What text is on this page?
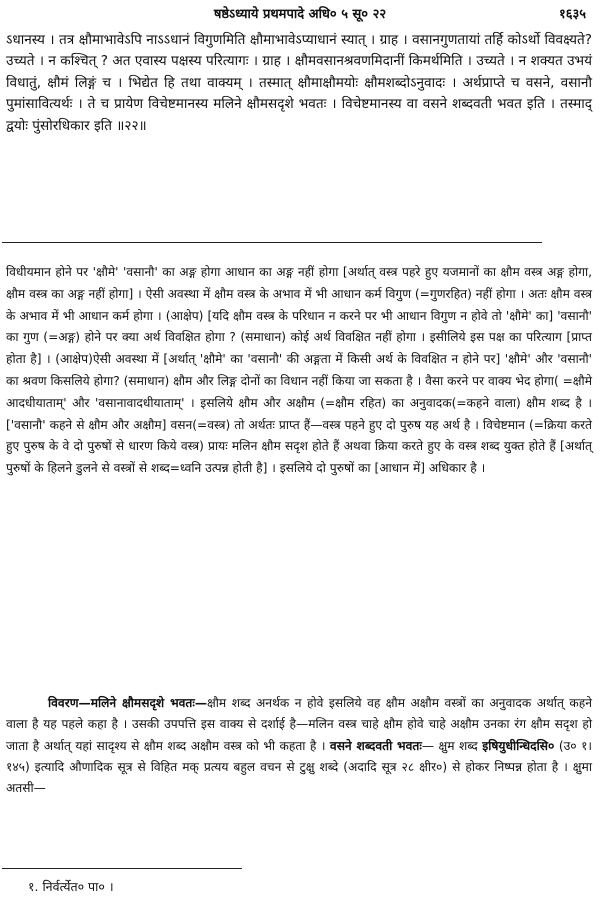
षष्ठेऽध्याये प्रथमपादे अधि० ५ सू० २२	१६३५

ऽधानस्य । तत्र क्षौमाभावेऽपि नाऽऽधानं विगुणमिति क्षौमाभावेऽप्याधानं स्यात् । ग्राह । वसानगुणतायां तर्हि कोऽर्थो विवक्ष्यते? उच्यते । न कश्चित् ? अत एवास्य पक्षस्य परित्यागः । ग्राह । क्षौमवसानश्रवणमिदानीं किमर्थमिति । उच्यते । न शक्यत उभयं विधातुं, क्षौमं लिङ्गं च । भिद्येत हि तथा वाक्यम् । तस्मात् क्षौमाक्षौमयोः क्षौमशब्दोऽनुवादः । अर्थप्राप्ते च वसने, वसानौ पुमांसावित्यर्थः । ते च प्रायेण विचेष्टमानस्य मलिने क्षौमसदृशे भवतः । विचेष्टमानस्य वा वसने शब्दवती भवत इति । तस्माद् द्वयोः पुंसोरधिकार इति ॥२२॥

विधीयमान होने पर 'क्षौमे' 'वसानौ' का अङ्ग होगा आधान का अङ्ग नहीं होगा [अर्थात् वस्त्र पहरे हुए यजमानों का क्षौम वस्त्र अङ्ग होगा, क्षौम वस्त्र का अङ्ग नहीं होगा] । ऐसी अवस्था में क्षौम वस्त्र के अभाव में भी आधान कर्म विगुण (=गुणरहित) नहीं होगा । अतः क्षौम वस्त्र के अभाव में भी आधान कर्म होगा । (आक्षेप) [यदि क्षौम वस्त्र के परिधान न करने पर भी आधान विगुण न होवे तो 'क्षौमे' का] 'वसानौ' का गुण (=अङ्ग) होने पर क्या अर्थ विवक्षित होगा ? (समाधान) कोई अर्थ विवक्षित नहीं होगा । इसीलिये इस पक्ष का परित्याग [प्राप्त होता है] । (आक्षेप)ऐसी अवस्था में [अर्थात् 'क्षौमे' का 'वसानौ' की अङ्गता में किसी अर्थ के विवक्षित न होने पर] 'क्षौमे' और 'वसानौ' का श्रवण किसलिये होगा? (समाधान) क्षौम और लिङ्ग दोनों का विधान नहीं किया जा सकता है । वैसा करने पर वाक्य भेद होगा( =क्षौमे आदधीयाताम्' और 'वसानावादधीयाताम्' । इसलिये क्षौम और अक्षौम (=क्षौम रहित) का अनुवादक(=कहने वाला) क्षौम शब्द है । ['वसानौ' कहने से क्षौम और अक्षौम] वसन(=वस्त्र) तो अर्थतः प्राप्त हैं—वस्त्र पहने हुए दो पुरुष यह अर्थ है । विचेष्टमान (=क्रिया करते हुए पुरुष के वे दो पुरुषों से धारण किये वस्त्र) प्रायः मलिन क्षौम सदृश होते हैं अथवा क्रिया करते हुए के वस्त्र शब्द युक्त होते हैं [अर्थात् पुरुषों के हिलने डुलने से वस्त्रों से शब्द=ध्वनि उत्पन्न होती है] । इसलिये दो पुरुषों का [आधान में] अधिकार है ।

विवरण—मलिने क्षौमसदृशे भवतः—क्षौम शब्द अनर्थक न होवे इसलिये वह क्षौम अक्षौम वस्त्रों का अनुवादक अर्थात् कहने वाला है यह पहले कहा है । उसकी उपपत्ति इस वाक्य से दर्शाई है—मलिन वस्त्र चाहे क्षौम होवे चाहे अक्षौम उनका रंग क्षौम सदृश हो जाता है अर्थात् यहां सादृश्य से क्षौम शब्द अक्षौम वस्त्र को भी कहता है । वसने शब्दवती भवतः— क्षुम शब्द इषियुधीन्धिदसि० (उ० १।१४५) इत्यादि औणादिक सूत्र से विहित मक् प्रत्यय बहुल वचन से टुक्षु शब्दे (अदादि सूत्र २८ क्षीर०) से होकर निष्पन्न होता है । क्षुमा अतसी—

१. निर्वर्त्येत० पा० ।
